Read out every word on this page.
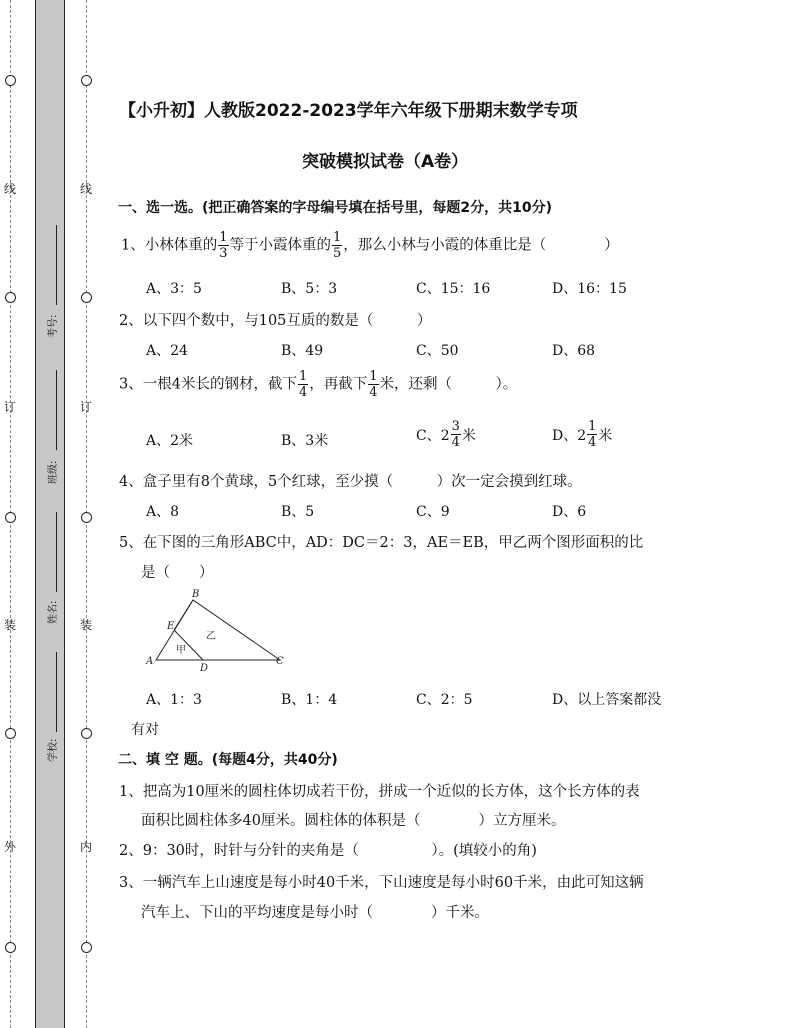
线
订
装
外
线
订
装
内
考号:
班级:
姓名:
学校:
【小升初】人教版2022-2023学年六年级下册期末数学专项
突破模拟试卷（A卷）
一、选一选。(把正确答案的字母编号填在括号里，每题2分，共10分)
1、小林体重的 $\frac{1}{3}$ 等于小霞体重的 $\frac{1}{5}$ ，那么小林与小霞的体重比是（　　　　）
A、3：5	B、5：3	C、15：16	D、16：15
2、以下四个数中，与105互质的数是（　　　）
A、24	B、49	C、50	D、68
3、一根4米长的钢材，截下 $\frac{1}{4}$ ，再截下 $\frac{1}{4}$ 米，还剩（　　　）。
A、2米	B、3米	C、$2 \frac{3}{4}$ 米	D、$2 \frac{1}{4}$ 米
4、盒子里有8个黄球，5个红球，至少摸（　　　）次一定会摸到红球。
A、8	B、5	C、9	D、6
5、在下图的三角形ABC中，AD：DC＝2：3，AE＝EB，甲乙两个图形面积的比
是（　　）
A
B
C
D
E
甲
乙
A、1：3	B、1：4	C、2：5	D、以上答案都没
有对
二、填 空 题。(每题4分，共40分)
1、把高为10厘米的圆柱体切成若干份，拼成一个近似的长方体，这个长方体的表
面积比圆柱体多40厘米。圆柱体的体积是（　　　　）立方厘米。
2、9：30时，时针与分针的夹角是（　　　　　）。(填较小的角)
3、一辆汽车上山速度是每小时40千米，下山速度是每小时60千米，由此可知这辆
汽车上、下山的平均速度是每小时（　　　　）千米。
